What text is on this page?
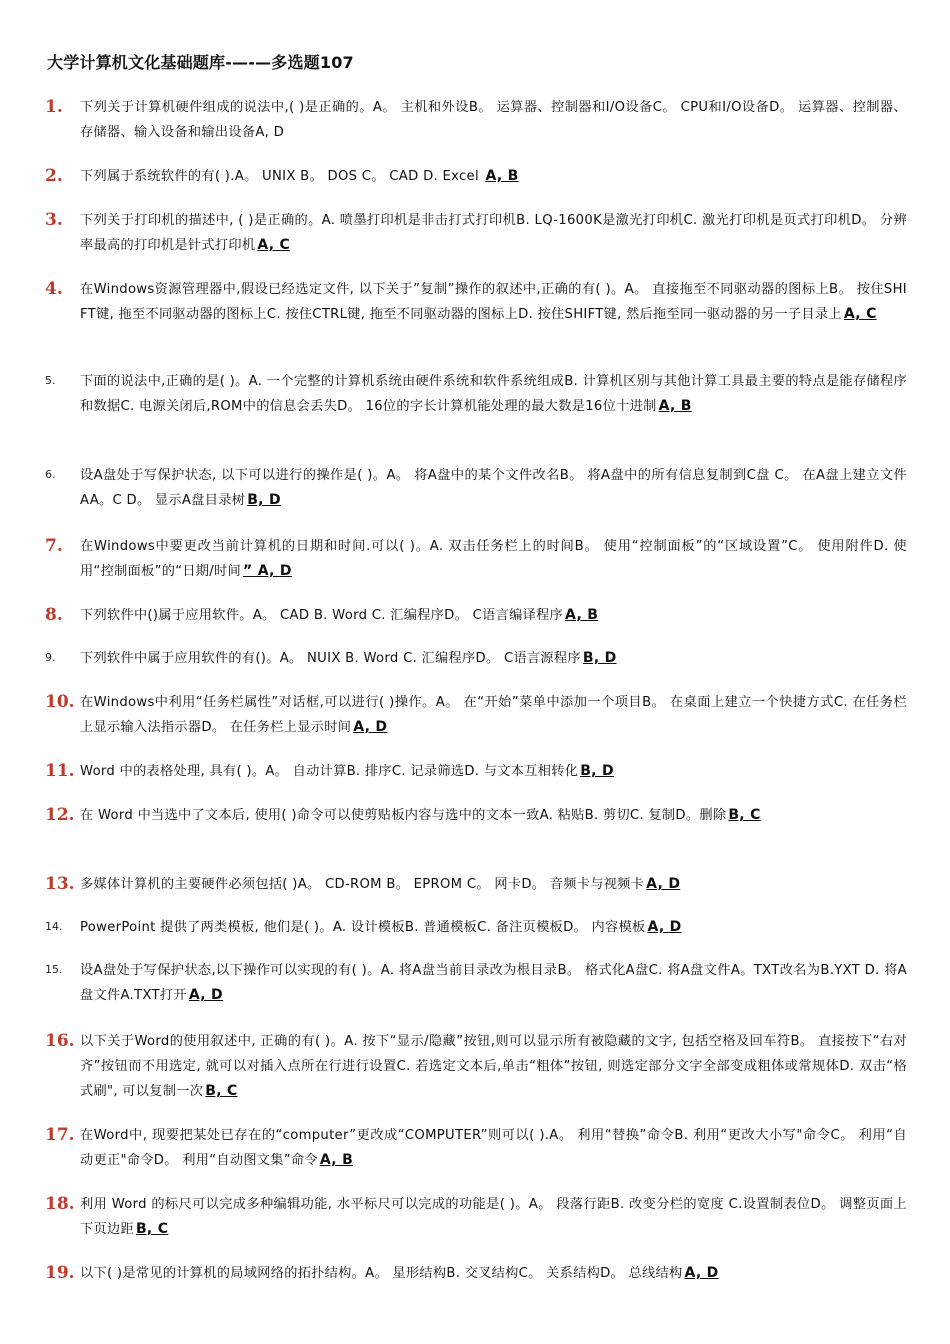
大学计算机文化基础题库-—-—多选题107
1.	下列关于计算机硬件组成的说法中,( )是正确的。A。 主机和外设B。 运算器、控制器和I/O设备C。 CPU和I/O设备D。 运算器、控制器、存储器、输入设备和输出设备A, D
2.	下列属于系统软件的有( ).A。 UNIX B。 DOS C。 CAD D. Excel A, B
3.	下列关于打印机的描述中, ( )是正确的。A. 喷墨打印机是非击打式打印机B. LQ-1600K是激光打印机C. 激光打印机是页式打印机D。 分辨率最高的打印机是针式打印机 A, C
4.	在Windows资源管理器中,假设已经选定文件, 以下关于”复制”操作的叙述中,正确的有( )。A。 直接拖至不同驱动器的图标上B。 按住SHIFT键, 拖至不同驱动器的图标上C. 按住CTRL键, 拖至不同驱动器的图标上D. 按住SHIFT键, 然后拖至同一驱动器的另一子目录上 A, C
5.	下面的说法中,正确的是( )。A. 一个完整的计算机系统由硬件系统和软件系统组成B. 计算机区别与其他计算工具最主要的特点是能存储程序和数据C. 电源关闭后,ROM中的信息会丢失D。 16位的字长计算机能处理的最大数是16位十进制 A, B
6.	设A盘处于写保护状态, 以下可以进行的操作是( )。A。 将A盘中的某个文件改名B。 将A盘中的所有信息复制到C盘 C。 在A盘上建立文件AA。C D。 显示A盘目录树 B, D
7.	在Windows中要更改当前计算机的日期和时间.可以( )。A. 双击任务栏上的时间B。 使用“控制面板”的“区域设置”C。 使用附件D. 使用“控制面板”的“日期/时间 ” A, D
8.	下列软件中()属于应用软件。A。 CAD B. Word C. 汇编程序D。 C语言编译程序 A, B
9.	下列软件中属于应用软件的有()。A。 NUIX B. Word C. 汇编程序D。 C语言源程序 B, D
10. 在Windows中利用“任务栏属性”对话框,可以进行( )操作。A。 在“开始”菜单中添加一个项目B。 在桌面上建立一个快捷方式C. 在任务栏上显示输入法指示器D。 在任务栏上显示时间 A, D
11. Word 中的表格处理, 具有( )。A。 自动计算B. 排序C. 记录筛选D. 与文本互相转化 B, D
12. 在 Word 中当选中了文本后, 使用( )命令可以使剪贴板内容与选中的文本一致A. 粘贴B. 剪切C. 复制D。删除 B, C
13. 多媒体计算机的主要硬件必须包括( )A。 CD-ROM B。 EPROM C。 网卡D。 音频卡与视频卡 A, D
14.	PowerPoint 提供了两类模板, 他们是( )。A. 设计模板B. 普通模板C. 备注页模板D。 内容模板 A, D
15.	设A盘处于写保护状态,以下操作可以实现的有( )。A. 将A盘当前目录改为根目录B。 格式化A盘C. 将A盘文件A。TXT改名为B.YXT D. 将A盘文件A.TXT打开 A, D
16. 以下关于Word的使用叙述中, 正确的有( )。A. 按下“显示/隐藏”按钮,则可以显示所有被隐藏的文字, 包括空格及回车符B。 直接按下“右对齐”按钮而不用选定, 就可以对插入点所在行进行设置C. 若选定文本后,单击“粗体”按钮, 则选定部分文字全部变成粗体或常规体D. 双击“格式刷", 可以复制一次 B, C
17. 在Word中, 现要把某处已存在的“computer”更改成“COMPUTER”则可以( ).A。 利用“替换”命令B. 利用“更改大小写"命令C。 利用“自动更正"命令D。 利用“自动图文集”命令 A, B
18. 利用 Word 的标尺可以完成多种编辑功能, 水平标尺可以完成的功能是( )。A。 段落行距B. 改变分栏的宽度 C.设置制表位D。 调整页面上下页边距 B, C
19. 以下( )是常见的计算机的局域网络的拓扑结构。A。 星形结构B. 交叉结构C。 关系结构D。 总线结构 A, D
